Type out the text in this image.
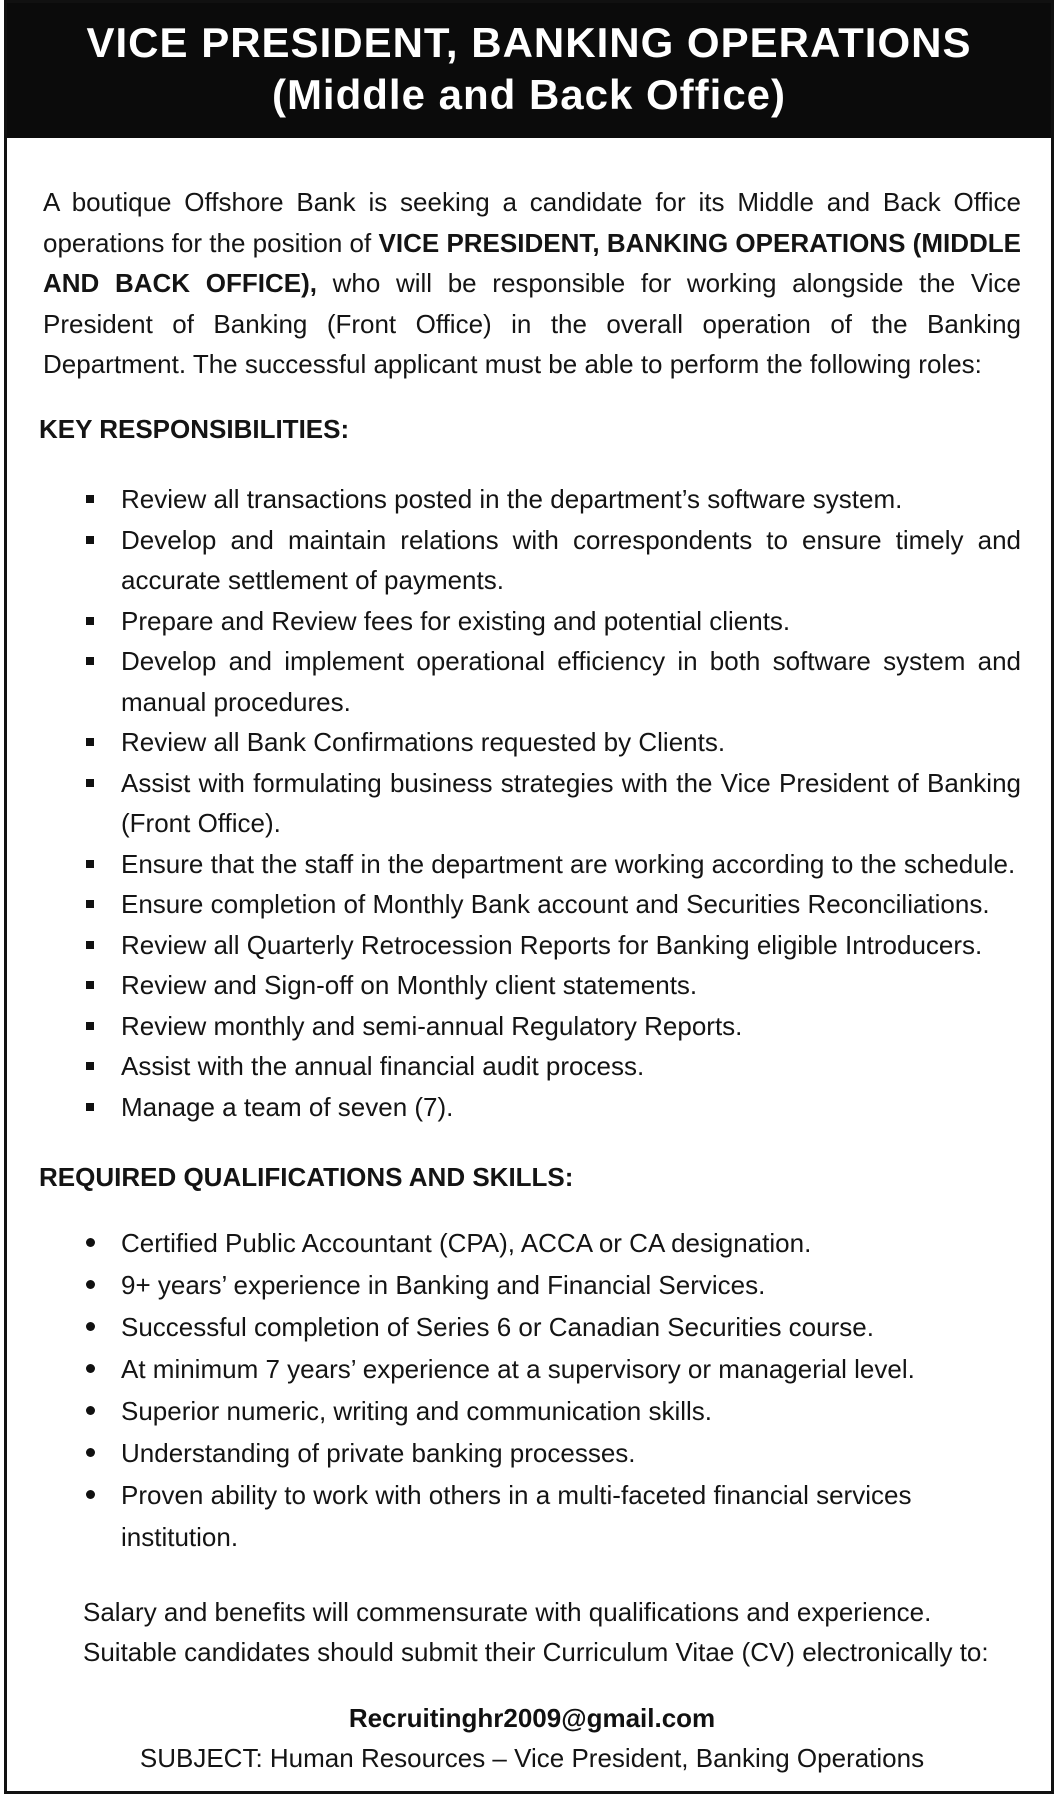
VICE PRESIDENT, BANKING OPERATIONS
(Middle and Back Office)

A boutique Offshore Bank is seeking a candidate for its Middle and Back Office operations for the position of VICE PRESIDENT, BANKING OPERATIONS (MIDDLE AND BACK OFFICE), who will be responsible for working alongside the Vice President of Banking (Front Office) in the overall operation of the Banking Department. The successful applicant must be able to perform the following roles:

KEY RESPONSIBILITIES:
Review all transactions posted in the department’s software system.
Develop and maintain relations with correspondents to ensure timely and accurate settlement of payments.
Prepare and Review fees for existing and potential clients.
Develop and implement operational efficiency in both software system and manual procedures.
Review all Bank Confirmations requested by Clients.
Assist with formulating business strategies with the Vice President of Banking (Front Office).
Ensure that the staff in the department are working according to the schedule.
Ensure completion of Monthly Bank account and Securities Reconciliations.
Review all Quarterly Retrocession Reports for Banking eligible Introducers.
Review and Sign-off on Monthly client statements.
Review monthly and semi-annual Regulatory Reports.
Assist with the annual financial audit process.
Manage a team of seven (7).
REQUIRED QUALIFICATIONS AND SKILLS:
Certified Public Accountant (CPA), ACCA or CA designation.
9+ years’ experience in Banking and Financial Services.
Successful completion of Series 6 or Canadian Securities course.
At minimum 7 years’ experience at a supervisory or managerial level.
Superior numeric, writing and communication skills.
Understanding of private banking processes.
Proven ability to work with others in a multi-faceted financial services institution.

Salary and benefits will commensurate with qualifications and experience. Suitable candidates should submit their Curriculum Vitae (CV) electronically to:

Recruitinghr2009@gmail.com
SUBJECT: Human Resources – Vice President, Banking Operations
